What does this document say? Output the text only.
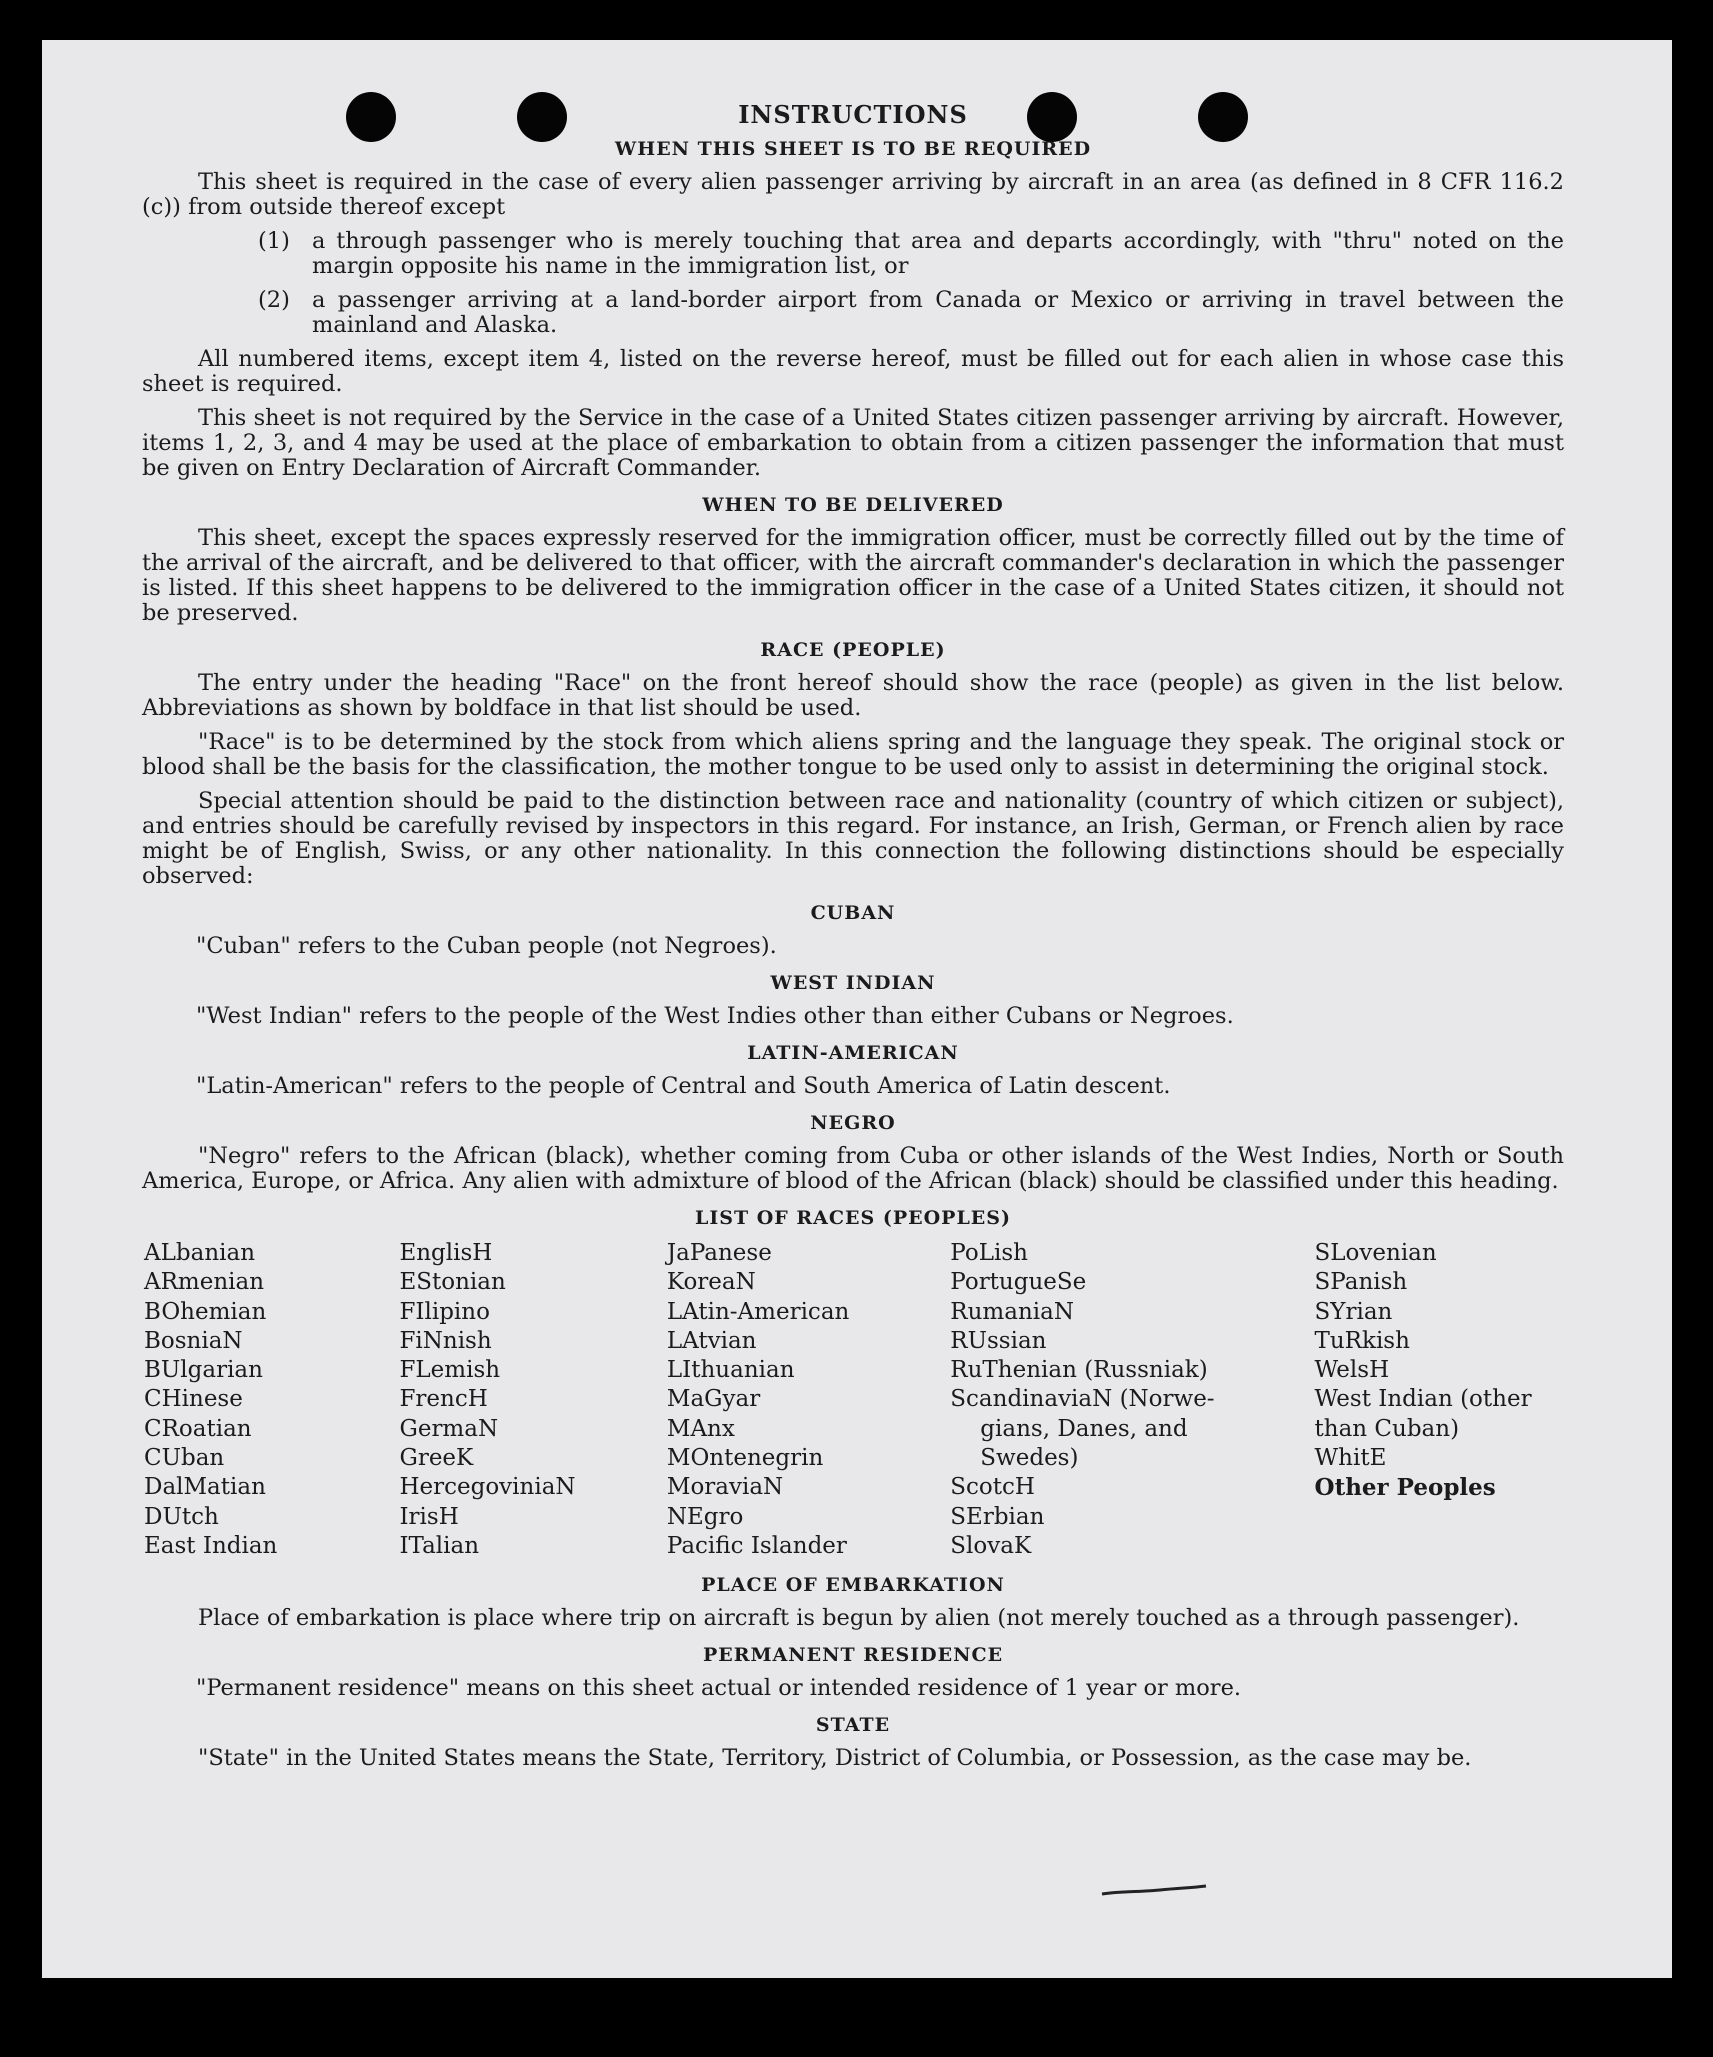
INSTRUCTIONS
WHEN THIS SHEET IS TO BE REQUIRED

This sheet is required in the case of every alien passenger arriving by aircraft in an area (as defined in 8 CFR 116.2 (c)) from outside thereof except

(1) a through passenger who is merely touching that area and departs accordingly, with "thru" noted on the margin opposite his name in the immigration list, or
(2) a passenger arriving at a land-border airport from Canada or Mexico or arriving in travel between the mainland and Alaska.

All numbered items, except item 4, listed on the reverse hereof, must be filled out for each alien in whose case this sheet is required.

This sheet is not required by the Service in the case of a United States citizen passenger arriving by aircraft. However, items 1, 2, 3, and 4 may be used at the place of embarkation to obtain from a citizen passenger the information that must be given on Entry Declaration of Aircraft Commander.

WHEN TO BE DELIVERED

This sheet, except the spaces expressly reserved for the immigration officer, must be correctly filled out by the time of the arrival of the aircraft, and be delivered to that officer, with the aircraft commander's declaration in which the passenger is listed. If this sheet happens to be delivered to the immigration officer in the case of a United States citizen, it should not be preserved.

RACE (PEOPLE)

The entry under the heading "Race" on the front hereof should show the race (people) as given in the list below. Abbreviations as shown by boldface in that list should be used.

"Race" is to be determined by the stock from which aliens spring and the language they speak. The original stock or blood shall be the basis for the classification, the mother tongue to be used only to assist in determining the original stock.

Special attention should be paid to the distinction between race and nationality (country of which citizen or subject), and entries should be carefully revised by inspectors in this regard. For instance, an Irish, German, or French alien by race might be of English, Swiss, or any other nationality. In this connection the following distinctions should be especially observed:

CUBAN
"Cuban" refers to the Cuban people (not Negroes).
WEST INDIAN
"West Indian" refers to the people of the West Indies other than either Cubans or Negroes.
LATIN-AMERICAN
"Latin-American" refers to the people of Central and South America of Latin descent.
NEGRO

"Negro" refers to the African (black), whether coming from Cuba or other islands of the West Indies, North or South America, Europe, or Africa. Any alien with admixture of blood of the African (black) should be classified under this heading.

LIST OF RACES (PEOPLES)
ALbanian
ARmenian
BOhemian
BosniaN
BUlgarian
CHinese
CRoatian
CUban
DalMatian
DUtch
East Indian
EnglisH
EStonian
FIlipino
FiNnish
FLemish
FrencH
GermaN
GreeK
HercegoviniaN
IrisH
ITalian
JaPanese
KoreaN
LAtin-American
LAtvian
LIthuanian
MaGyar
MAnx
MOntenegrin
MoraviaN
NEgro
Pacific Islander
PoLish
PortugueSe
RumaniaN
RUssian
RuThenian (Russniak)
ScandinaviaN (Norwe-
gians, Danes, and
Swedes)
ScotcH
SErbian
SlovaK
SLovenian
SPanish
SYrian
TuRkish
WelsH
West Indian (other
than Cuban)
WhitE
Other Peoples
PLACE OF EMBARKATION

Place of embarkation is place where trip on aircraft is begun by alien (not merely touched as a through passenger).

PERMANENT RESIDENCE
"Permanent residence" means on this sheet actual or intended residence of 1 year or more.
STATE

"State" in the United States means the State, Territory, District of Columbia, or Possession, as the case may be.
